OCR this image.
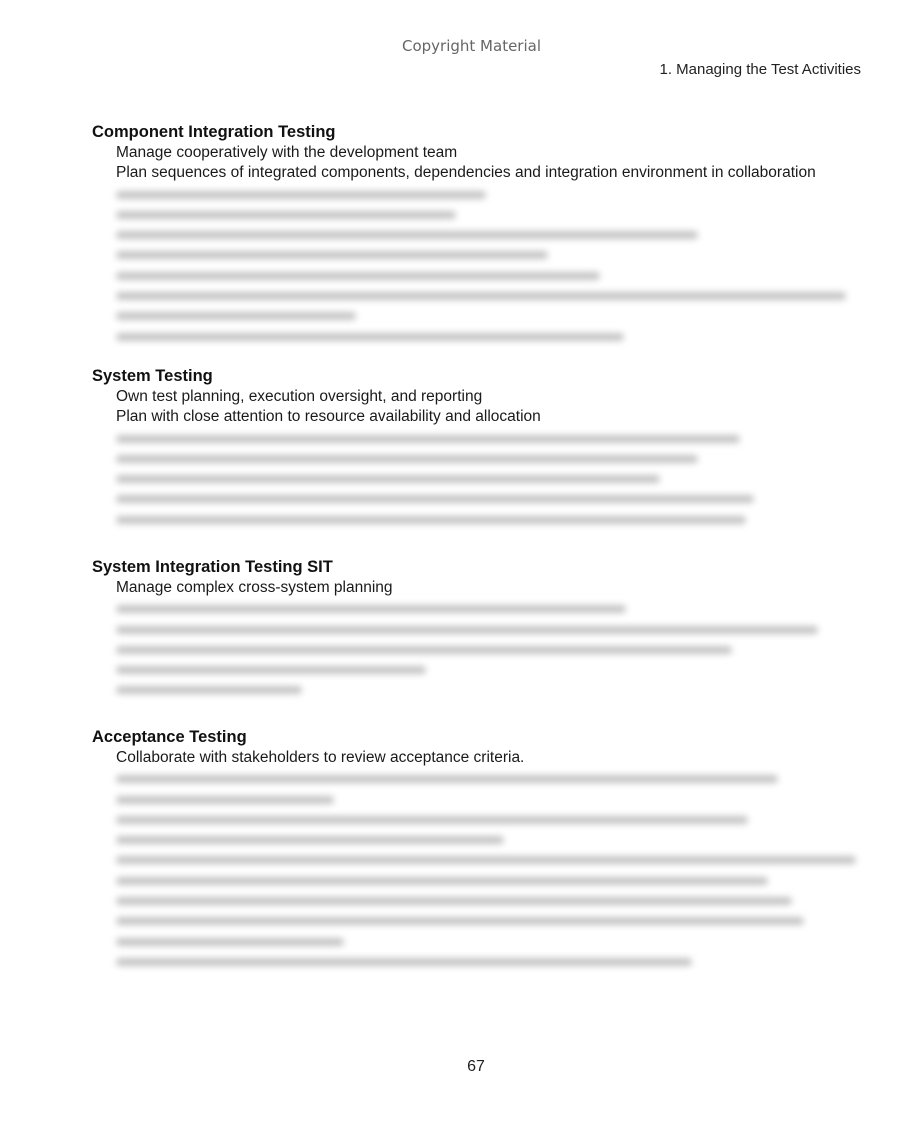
Copyright Material
1. Managing the Test Activities
Component Integration Testing
Manage cooperatively with the development team
Plan sequences of integrated components, dependencies and integration environment in collaboration
System Testing
Own test planning, execution oversight, and reporting
Plan with close attention to resource availability and allocation
System Integration Testing SIT
Manage complex cross-system planning
Acceptance Testing
Collaborate with stakeholders to review acceptance criteria.
67
